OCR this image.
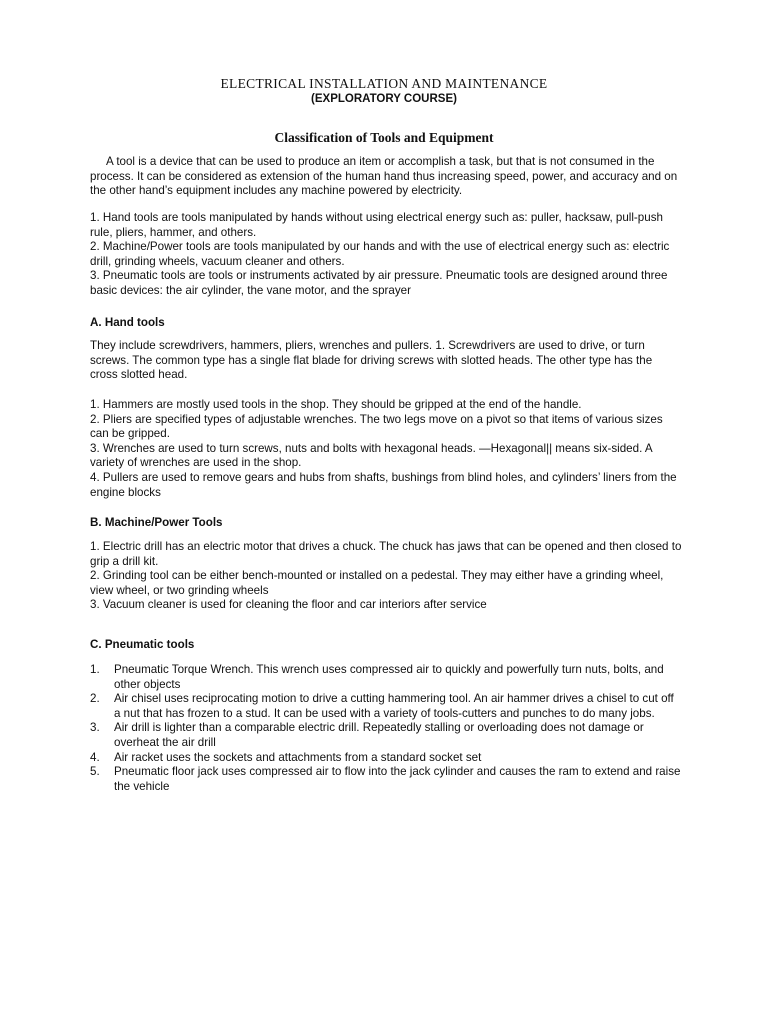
ELECTRICAL INSTALLATION AND MAINTENANCE
(EXPLORATORY COURSE)
Classification of Tools and Equipment

A tool is a device that can be used to produce an item or accomplish a task, but that is not consumed in the process. It can be considered as extension of the human hand thus increasing speed, power, and accuracy and on the other hand’s equipment includes any machine powered by electricity.

1. Hand tools are tools manipulated by hands without using electrical energy such as: puller, hacksaw, pull-push rule, pliers, hammer, and others.

2. Machine/Power tools are tools manipulated by our hands and with the use of electrical energy such as: electric drill, grinding wheels, vacuum cleaner and others.

3. Pneumatic tools are tools or instruments activated by air pressure. Pneumatic tools are designed around three basic devices: the air cylinder, the vane motor, and the sprayer

A. Hand tools

They include screwdrivers, hammers, pliers, wrenches and pullers. 1. Screwdrivers are used to drive, or turn screws. The common type has a single flat blade for driving screws with slotted heads. The other type has the cross slotted head.

1. Hammers are mostly used tools in the shop. They should be gripped at the end of the handle.

2. Pliers are specified types of adjustable wrenches. The two legs move on a pivot so that items of various sizes can be gripped.

3. Wrenches are used to turn screws, nuts and bolts with hexagonal heads. —Hexagonal|| means six-sided. A variety of wrenches are used in the shop.

4. Pullers are used to remove gears and hubs from shafts, bushings from blind holes, and cylinders’ liners from the engine blocks

B. Machine/Power Tools

1. Electric drill has an electric motor that drives a chuck. The chuck has jaws that can be opened and then closed to grip a drill kit.

2. Grinding tool can be either bench-mounted or installed on a pedestal. They may either have a grinding wheel, view wheel, or two grinding wheels

3. Vacuum cleaner is used for cleaning the floor and car interiors after service

C. Pneumatic tools
1.	Pneumatic Torque Wrench. This wrench uses compressed air to quickly and powerfully turn nuts, bolts, and other objects
2.	Air chisel uses reciprocating motion to drive a cutting hammering tool. An air hammer drives a chisel to cut off a nut that has frozen to a stud. It can be used with a variety of tools-cutters and punches to do many jobs.
3.	Air drill is lighter than a comparable electric drill. Repeatedly stalling or overloading does not damage or overheat the air drill
4.	Air racket uses the sockets and attachments from a standard socket set
5.	Pneumatic floor jack uses compressed air to flow into the jack cylinder and causes the ram to extend and raise the vehicle
